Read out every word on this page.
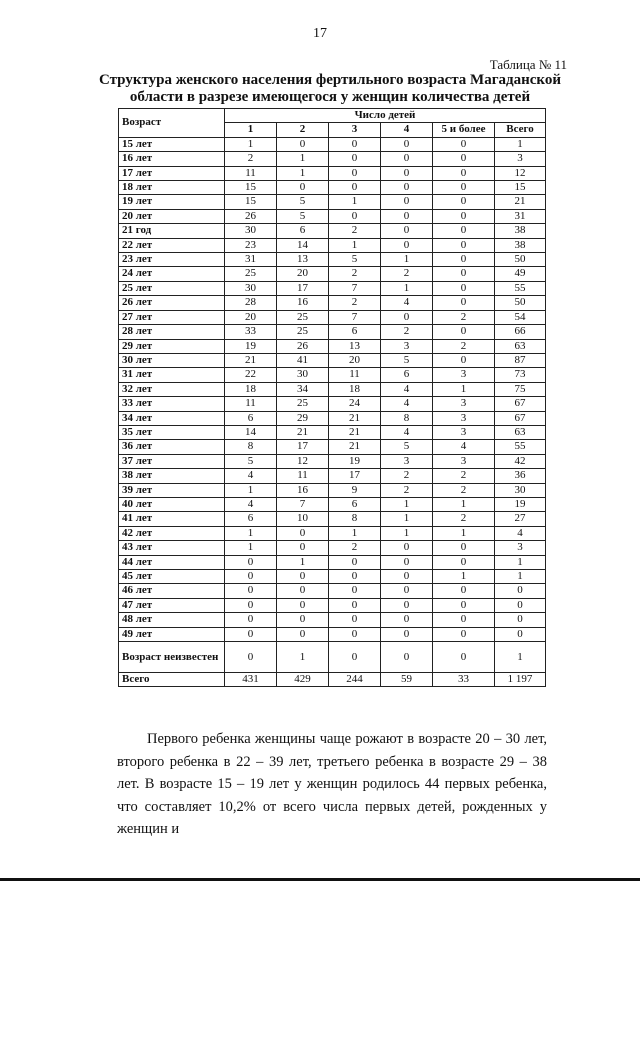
17
Таблица № 11
Структура женского населения фертильного возраста Магаданской области в разрезе имеющегося у женщин количества детей
Возраст	Число детей					
	1	2	3	4	5 и более	Всего
15 лет	1	0	0	0	0	1
16 лет	2	1	0	0	0	3
17 лет	11	1	0	0	0	12
18 лет	15	0	0	0	0	15
19 лет	15	5	1	0	0	21
20 лет	26	5	0	0	0	31
21 год	30	6	2	0	0	38
22 лет	23	14	1	0	0	38
23 лет	31	13	5	1	0	50
24 лет	25	20	2	2	0	49
25 лет	30	17	7	1	0	55
26 лет	28	16	2	4	0	50
27 лет	20	25	7	0	2	54
28 лет	33	25	6	2	0	66
29 лет	19	26	13	3	2	63
30 лет	21	41	20	5	0	87
31 лет	22	30	11	6	3	73
32 лет	18	34	18	4	1	75
33 лет	11	25	24	4	3	67
34 лет	6	29	21	8	3	67
35 лет	14	21	21	4	3	63
36 лет	8	17	21	5	4	55
37 лет	5	12	19	3	3	42
38 лет	4	11	17	2	2	36
39 лет	1	16	9	2	2	30
40 лет	4	7	6	1	1	19
41 лет	6	10	8	1	2	27
42 лет	1	0	1	1	1	4
43 лет	1	0	2	0	0	3
44 лет	0	1	0	0	0	1
45 лет	0	0	0	0	1	1
46 лет	0	0	0	0	0	0
47 лет	0	0	0	0	0	0
48 лет	0	0	0	0	0	0
49 лет	0	0	0	0	0	0
Возраст неизвестен	0	1	0	0	0	1
Всего	431	429	244	59	33	1 197
Первого ребенка женщины чаще рожают в возрасте 20 – 30 лет, второго ребенка в 22 – 39 лет, третьего ребенка в возрасте 29 – 38 лет. В возрасте 15 – 19 лет у женщин родилось 44 первых ребенка, что составляет 10,2% от всего числа первых детей, рожденных у женщин и
